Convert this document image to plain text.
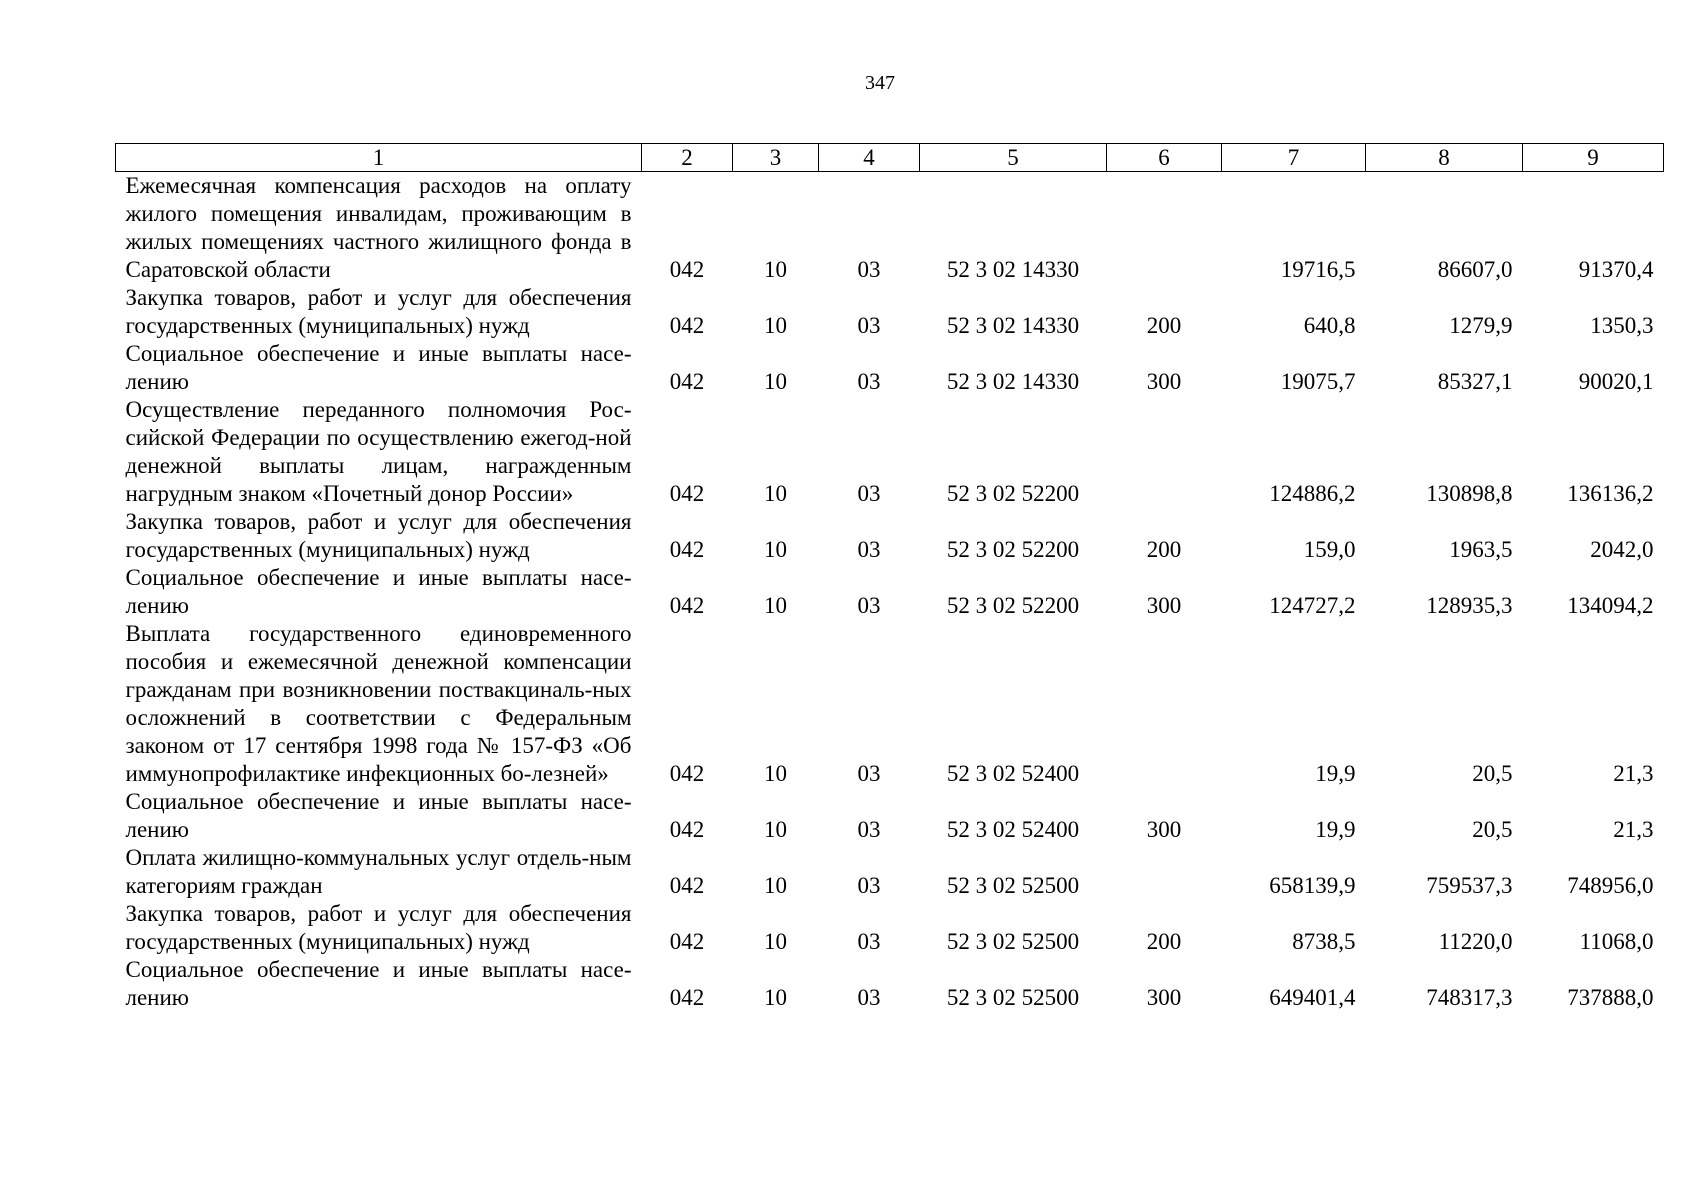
347
1	2	3	4	5	6	7	8	9
Ежемесячная компенсация расходов на оплату жилого помещения инвалидам, проживающим в жилых помещениях частного жилищного фонда в Саратовской области	042	10	03	52 3 02 14330		19716,5	86607,0	91370,4
Закупка товаров, работ и услуг для обеспечения государственных (муниципальных) нужд	042	10	03	52 3 02 14330	200	640,8	1279,9	1350,3
Социальное обеспечение и иные выплаты насе-лению	042	10	03	52 3 02 14330	300	19075,7	85327,1	90020,1
Осуществление переданного полномочия Рос-сийской Федерации по осуществлению ежегод-ной денежной выплаты лицам, награжденным нагрудным знаком «Почетный донор России»	042	10	03	52 3 02 52200		124886,2	130898,8	136136,2
Закупка товаров, работ и услуг для обеспечения государственных (муниципальных) нужд	042	10	03	52 3 02 52200	200	159,0	1963,5	2042,0
Социальное обеспечение и иные выплаты насе-лению	042	10	03	52 3 02 52200	300	124727,2	128935,3	134094,2
Выплата государственного единовременного пособия и ежемесячной денежной компенсации гражданам при возникновении поствакциналь-ных осложнений в соответствии с Федеральным законом от 17 сентября 1998 года № 157-ФЗ «Об иммунопрофилактике инфекционных бо-лезней»	042	10	03	52 3 02 52400		19,9	20,5	21,3
Социальное обеспечение и иные выплаты насе-лению	042	10	03	52 3 02 52400	300	19,9	20,5	21,3
Оплата жилищно-коммунальных услуг отдель-ным категориям граждан	042	10	03	52 3 02 52500		658139,9	759537,3	748956,0
Закупка товаров, работ и услуг для обеспечения государственных (муниципальных) нужд	042	10	03	52 3 02 52500	200	8738,5	11220,0	11068,0
Социальное обеспечение и иные выплаты насе-лению	042	10	03	52 3 02 52500	300	649401,4	748317,3	737888,0
